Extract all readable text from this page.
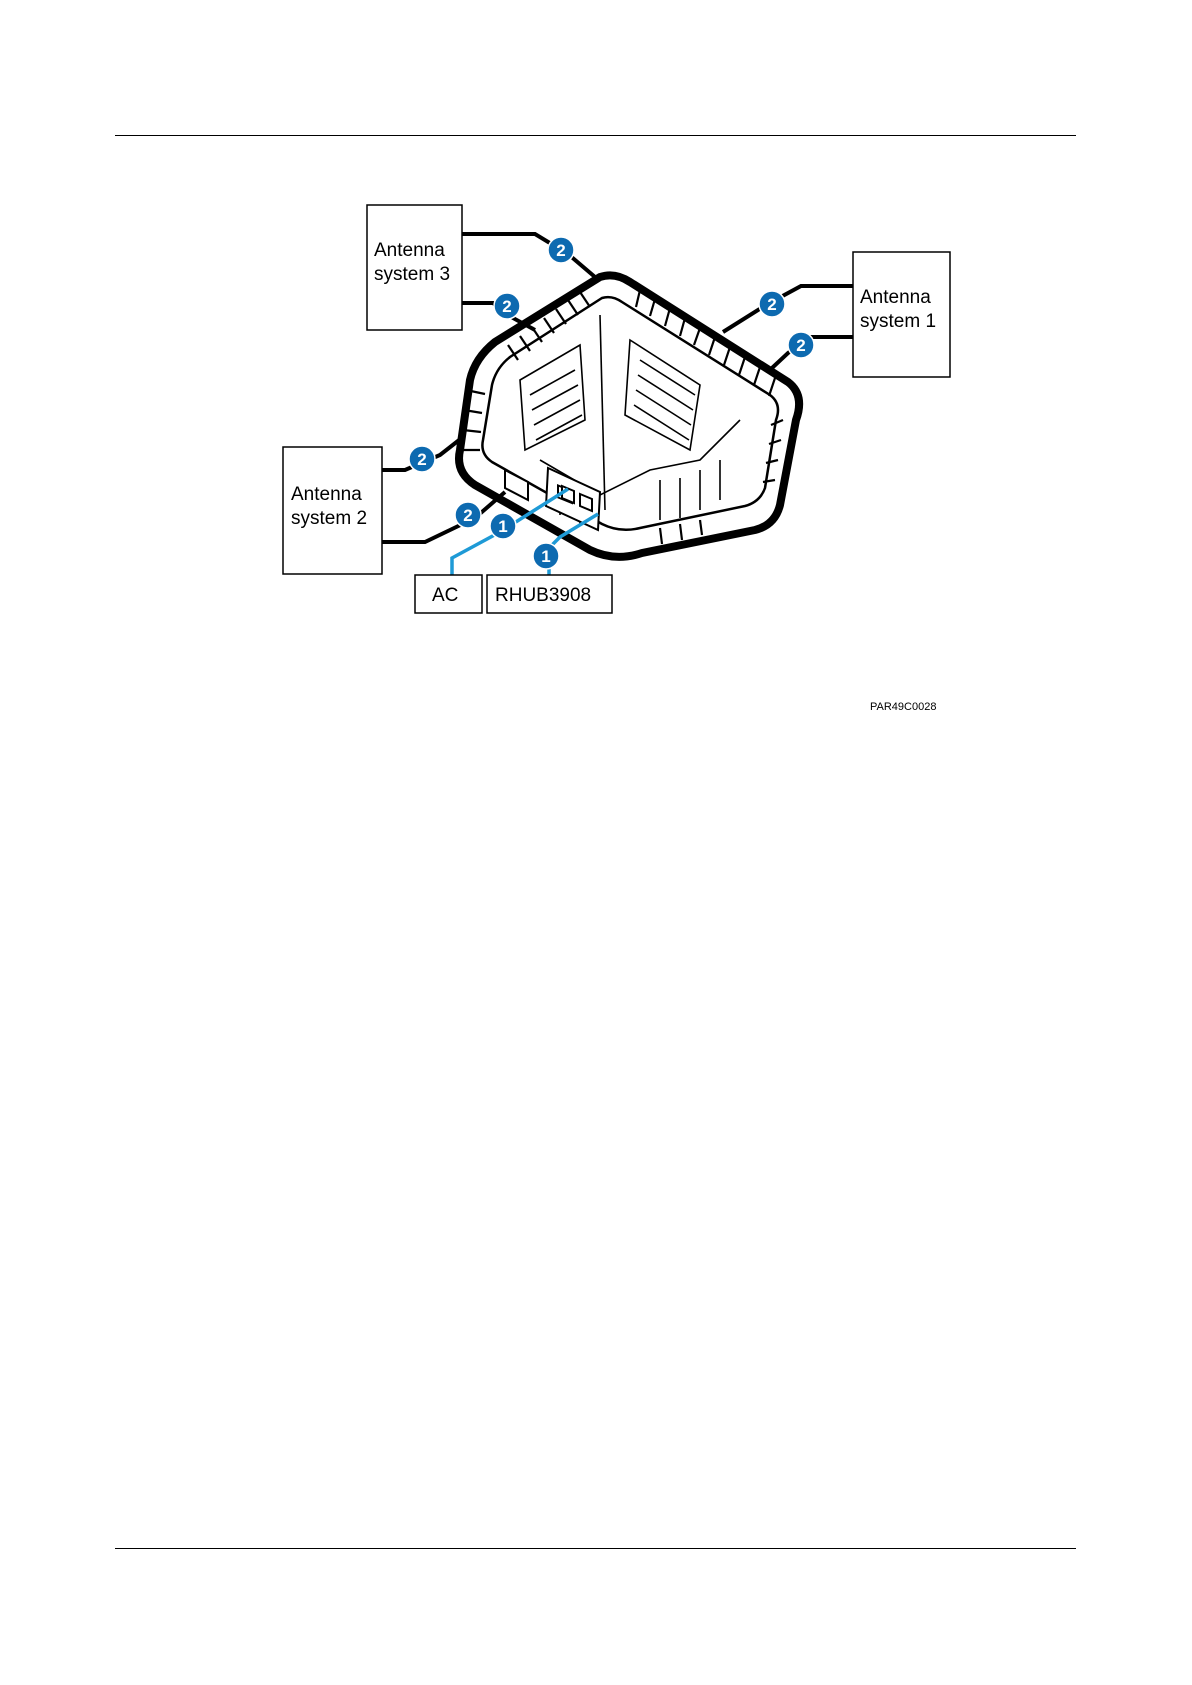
Antenna
system 3
Antenna
system 1
Antenna
system 2
AC RHUB3908
2
2	2
2
2
2
1
1
PAR49C0028
